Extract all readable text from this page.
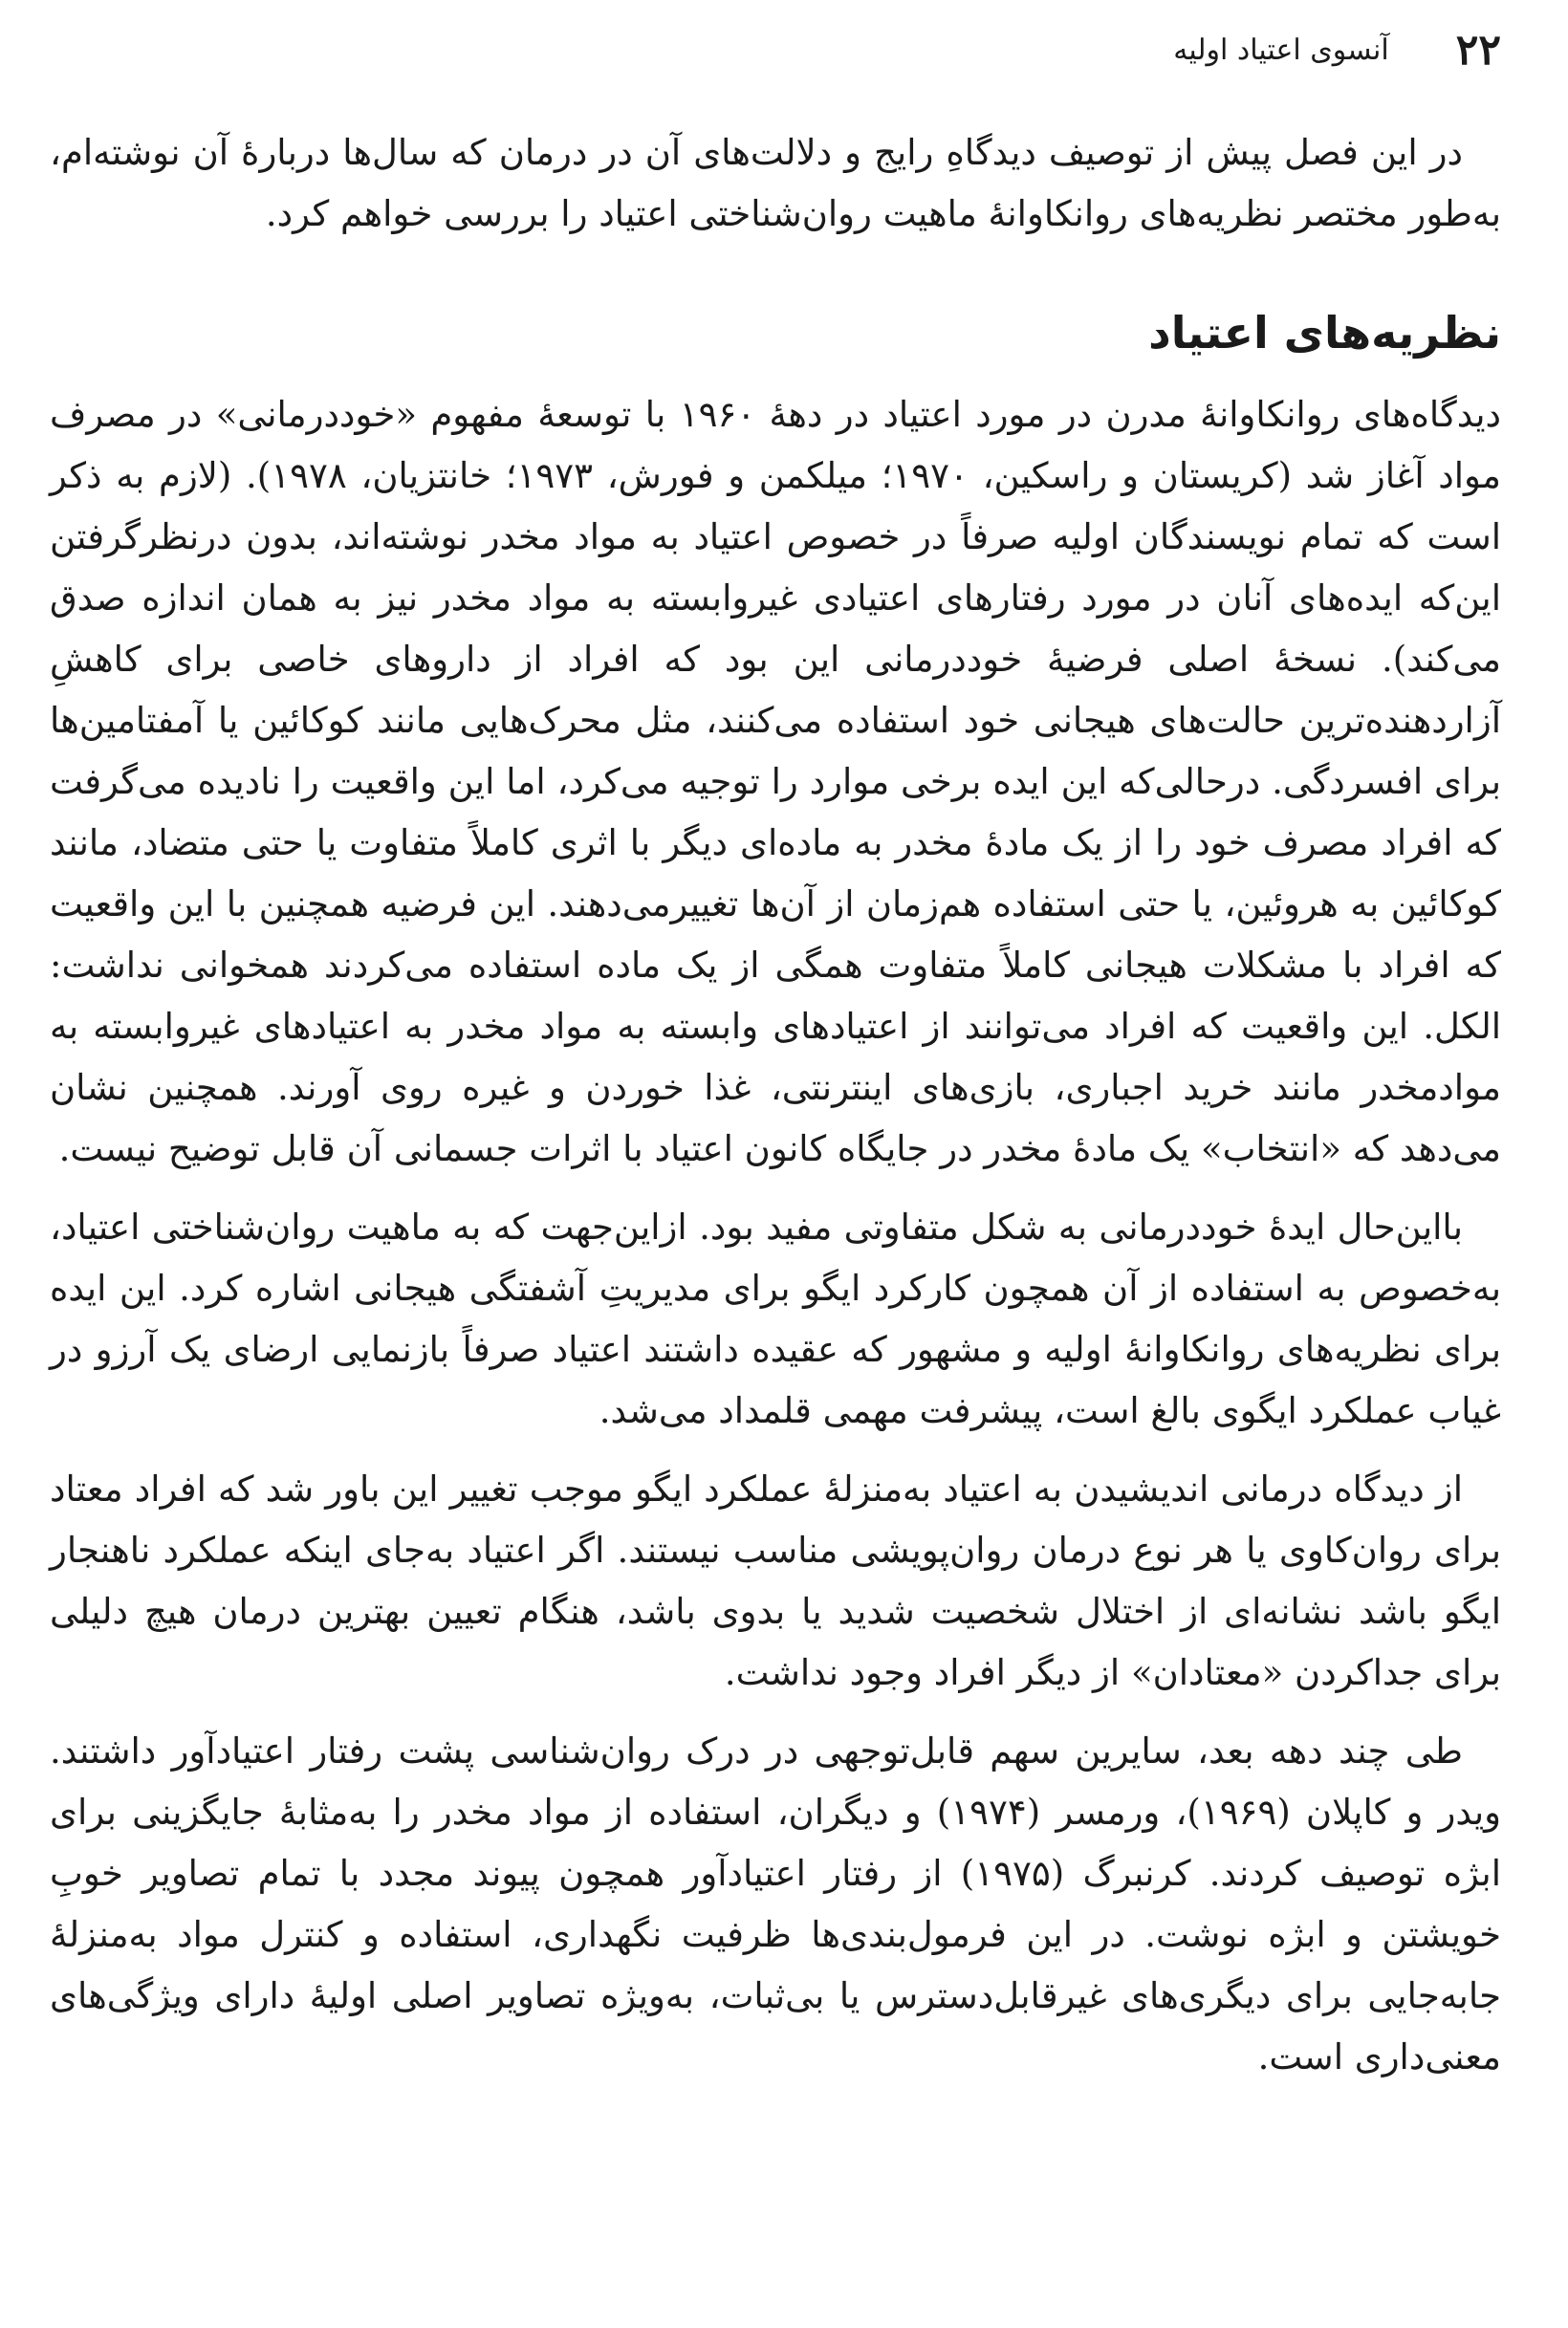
۲۲
آنسوی اعتیاد اولیه

در این فصل پیش از توصیف دیدگاهِ رایج و دلالت‌های آن در درمان که سال‌ها دربارهٔ آن نوشته‌ام، به‌طور مختصر نظریه‌های روانکاوانهٔ ماهیت روان‌شناختی اعتیاد را بررسی خواهم کرد.

نظریه‌های اعتیاد

دیدگاه‌های روانکاوانهٔ مدرن در مورد اعتیاد در دههٔ ۱۹۶۰ با توسعهٔ مفهوم «خوددرمانی» در مصرف مواد آغاز شد (کریستان و راسکین، ۱۹۷۰؛ میلکمن و فورش، ۱۹۷۳؛ خانتزیان، ۱۹۷۸). (لازم به ذکر است که تمام نویسندگان اولیه صرفاً در خصوص اعتیاد به مواد مخدر نوشته‌اند، بدون درنظرگرفتن این‌که ایده‌های آنان در مورد رفتارهای اعتیادی غیروابسته به مواد مخدر نیز به همان اندازه صدق می‌کند). نسخهٔ اصلی فرضیهٔ خوددرمانی این بود که افراد از داروهای خاصی برای کاهشِ آزاردهنده‌ترین حالت‌های هیجانی خود استفاده می‌کنند، مثل محرک‌هایی مانند کوکائین یا آمفتامین‌ها برای افسردگی. درحالی‌که این ایده برخی موارد را توجیه می‌کرد، اما این واقعیت را نادیده می‌گرفت که افراد مصرف خود را از یک مادهٔ مخدر به ماده‌ای دیگر با اثری کاملاً متفاوت یا حتی متضاد، مانند کوکائین به هروئین، یا حتی استفاده هم‌زمان از آن‌ها تغییرمی‌دهند. این فرضیه همچنین با این واقعیت که افراد با مشکلات هیجانی کاملاً متفاوت همگی از یک ماده استفاده می‌کردند همخوانی نداشت: الکل. این واقعیت که افراد می‌توانند از اعتیادهای وابسته به مواد مخدر به اعتیادهای غیروابسته به موادمخدر مانند خرید اجباری، بازی‌های اینترنتی، غذا خوردن و غیره روی آورند. همچنین نشان می‌دهد که «انتخاب» یک مادهٔ مخدر در جایگاه کانون اعتیاد با اثرات جسمانی آن قابل توضیح نیست.

بااین‌حال ایدهٔ خوددرمانی به شکل متفاوتی مفید بود. ازاین‌جهت که به ماهیت روان‌شناختی اعتیاد، به‌خصوص به استفاده از آن همچون کارکرد ایگو برای مدیریتِ آشفتگی هیجانی اشاره کرد. این ایده برای نظریه‌های روانکاوانهٔ اولیه و مشهور که عقیده داشتند اعتیاد صرفاً بازنمایی ارضای یک آرزو در غیاب عملکرد ایگوی بالغ است، پیشرفت مهمی قلمداد می‌شد.

از دیدگاه درمانی اندیشیدن به اعتیاد به‌منزلهٔ عملکرد ایگو موجب تغییر این باور شد که افراد معتاد برای روان‌کاوی یا هر نوع درمان روان‌پویشی مناسب نیستند. اگر اعتیاد به‌جای اینکه عملکرد ناهنجار ایگو باشد نشانه‌ای از اختلال شخصیت شدید یا بدوی باشد، هنگام تعیین بهترین درمان هیچ دلیلی برای جداکردن «معتادان» از دیگر افراد وجود نداشت.

طی چند دهه بعد، سایرین سهم قابل‌توجهی در درک روان‌شناسی پشت رفتار اعتیادآور داشتند. ویدر و کاپلان (۱۹۶۹)، ورمسر (۱۹۷۴) و دیگران، استفاده از مواد مخدر را به‌مثابهٔ جایگزینی برای ابژه توصیف کردند. کرنبرگ (۱۹۷۵) از رفتار اعتیادآور همچون پیوند مجدد با تمام تصاویر خوبِ خویشتن و ابژه نوشت. در این فرمول‌بندی‌ها ظرفیت نگهداری، استفاده و کنترل مواد به‌منزلهٔ جابه‌جایی برای دیگری‌های غیرقابل‌دسترس یا بی‌ثبات، به‌ویژه تصاویر اصلی اولیهٔ دارای ویژگی‌های معنی‌داری است.
